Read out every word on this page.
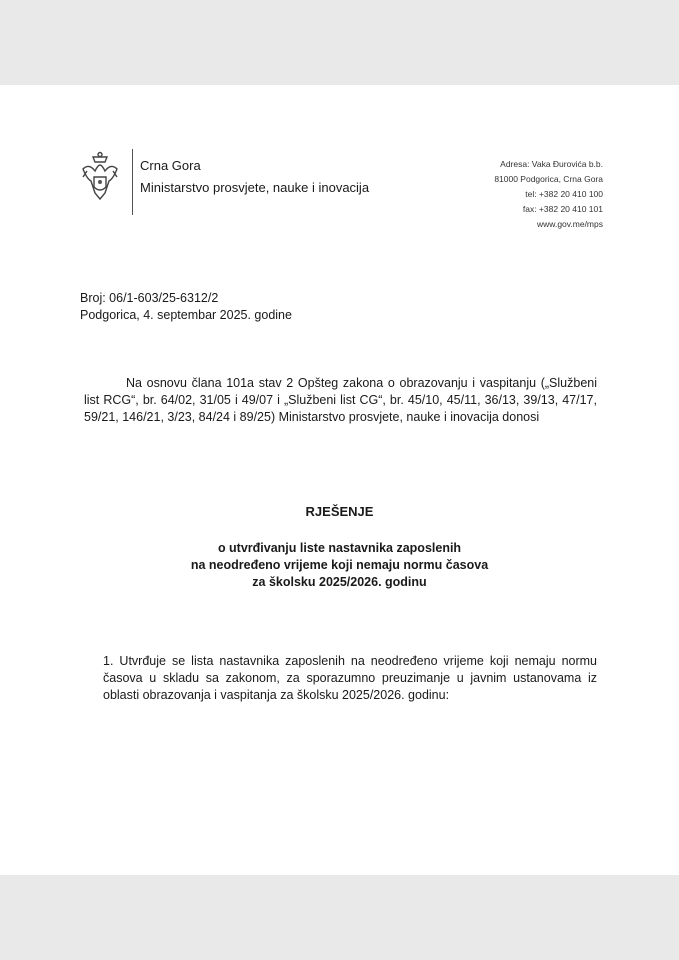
Crna Gora
Ministarstvo prosvjete, nauke i inovacija
Adresa: Vaka Đurovića b.b.
81000 Podgorica, Crna Gora
tel: +382 20 410 100
fax: +382 20 410 101
www.gov.me/mps
Broj: 06/1-603/25-6312/2
Podgorica, 4. septembar 2025. godine
Na osnovu člana 101a stav 2 Opšteg zakona o obrazovanju i vaspitanju („Službeni list RCG“, br. 64/02, 31/05 i 49/07 i „Službeni list CG“, br. 45/10, 45/11, 36/13, 39/13, 47/17, 59/21, 146/21, 3/23, 84/24 i 89/25) Ministarstvo prosvjete, nauke i inovacija donosi
RJEŠENJE
o utvrđivanju liste nastavnika zaposlenih
na neodređeno vrijeme koji nemaju normu časova
za školsku 2025/2026. godinu
1. Utvrđuje se lista nastavnika zaposlenih na neodređeno vrijeme koji nemaju normu časova u skladu sa zakonom, za sporazumno preuzimanje u javnim ustanovama iz oblasti obrazovanja i vaspitanja za školsku 2025/2026. godinu:
